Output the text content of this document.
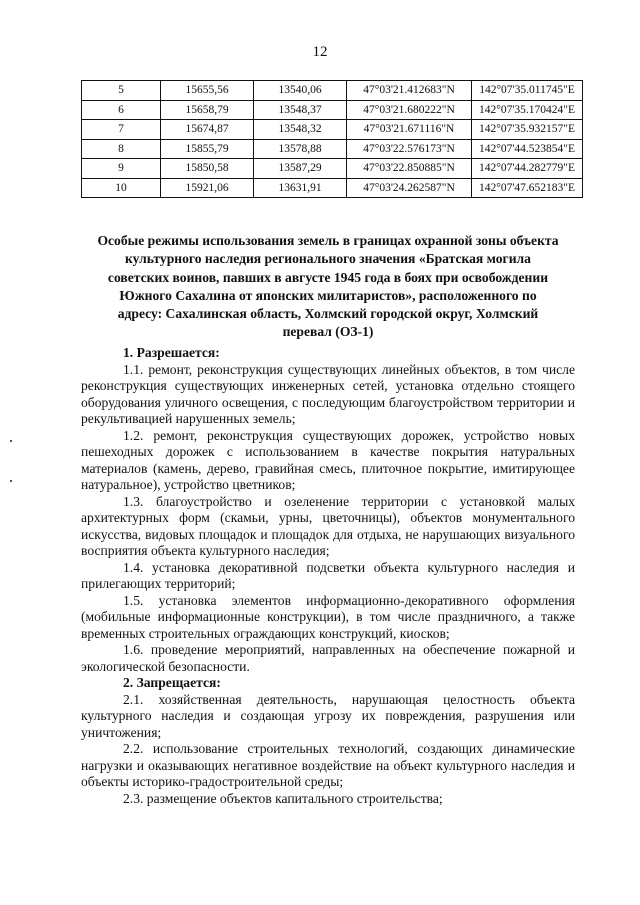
12
5	15655,56	13540,06	47°03'21.412683"N	142°07'35.011745"E
6	15658,79	13548,37	47°03'21.680222"N	142°07'35.170424"E
7	15674,87	13548,32	47°03'21.671116"N	142°07'35.932157"E
8	15855,79	13578,88	47°03'22.576173"N	142°07'44.523854"E
9	15850,58	13587,29	47°03'22.850885"N	142°07'44.282779"E
10	15921,06	13631,91	47°03'24.262587"N	142°07'47.652183"E
Особые режимы использования земель в границах охранной зоны объекта культурного наследия регионального значения «Братская могила советских воинов, павших в августе 1945 года в боях при освобождении Южного Сахалина от японских милитаристов», расположенного по адресу: Сахалинская область, Холмский городской округ, Холмский перевал (ОЗ-1)

1. Разрешается:

1.1. ремонт, реконструкция существующих линейных объектов, в том числе реконструкция существующих инженерных сетей, установка отдельно стоящего оборудования уличного освещения, с последующим благоустройством территории и рекультивацией нарушенных земель;

1.2. ремонт, реконструкция существующих дорожек, устройство новых пешеходных дорожек с использованием в качестве покрытия натуральных материалов (камень, дерево, гравийная смесь, плиточное покрытие, имитирующее натуральное), устройство цветников;

1.3. благоустройство и озеленение территории с установкой малых архитектурных форм (скамьи, урны, цветочницы), объектов монументального искусства, видовых площадок и площадок для отдыха, не нарушающих визуального восприятия объекта культурного наследия;

1.4. установка декоративной подсветки объекта культурного наследия и прилегающих территорий;

1.5. установка элементов информационно-декоративного оформления (мобильные информационные конструкции), в том числе праздничного, а также временных строительных ограждающих конструкций, киосков;

1.6. проведение мероприятий, направленных на обеспечение пожарной и экологической безопасности.

2. Запрещается:

2.1. хозяйственная деятельность, нарушающая целостность объекта культурного наследия и создающая угрозу их повреждения, разрушения или уничтожения;

2.2. использование строительных технологий, создающих динамические нагрузки и оказывающих негативное воздействие на объект культурного наследия и объекты историко-градостроительной среды;

2.3. размещение объектов капитального строительства;
